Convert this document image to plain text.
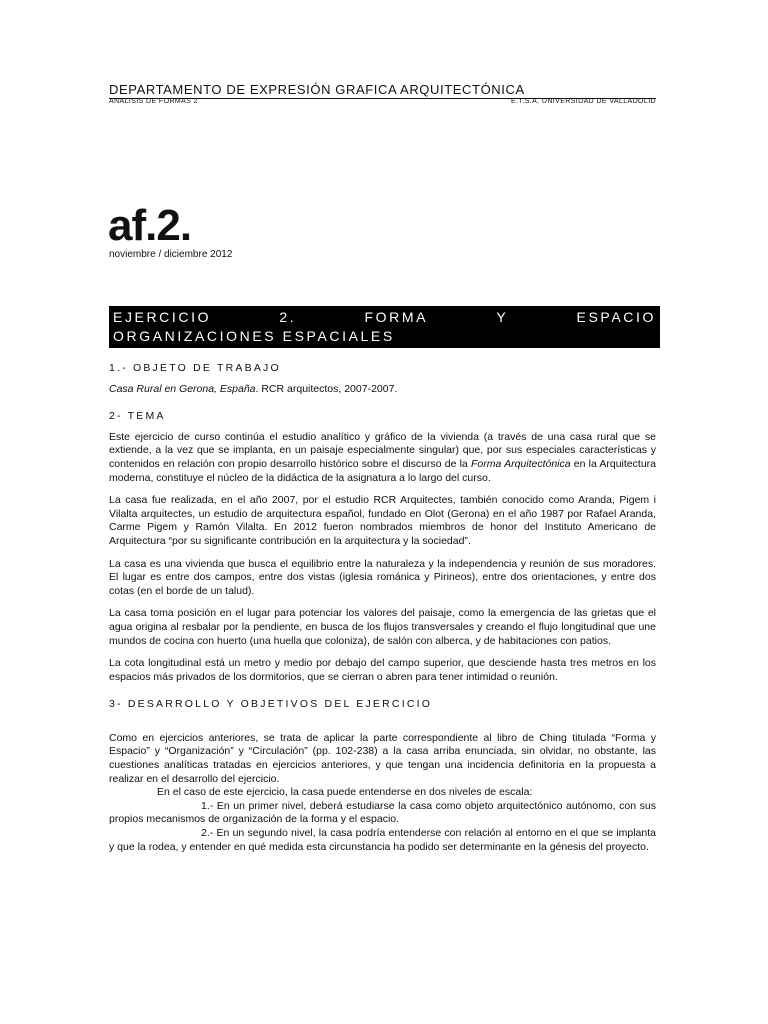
DEPARTAMENTO DE EXPRESIÓN GRAFICA ARQUITECTÓNICA
ANALISIS DE FORMAS 2	E.T.S.A. UNIVERSIDAD DE VALLADOLID
af.2.
noviembre / diciembre 2012
EJERCICIO	2.	FORMA	Y	ESPACIO
ORGANIZACIONES ESPACIALES

1.- OBJETO DE TRABAJO

Casa Rural en Gerona, España. RCR arquitectos, 2007-2007.

2- TEMA

Este ejercicio de curso continúa el estudio analítico y gráfico de la vivienda (a través de una casa rural que se extiende, a la vez que se implanta, en un paisaje especialmente singular) que, por sus especiales características y contenidos en relación con propio desarrollo histórico sobre el discurso de la Forma Arquitectónica en la Arquitectura moderna, constituye el núcleo de la didáctica de la asignatura a lo largo del curso.

La casa fue realizada, en el año 2007, por el estudio RCR Arquitectes, también conocido como Aranda, Pigem i Vilalta arquitectes, un estudio de arquitectura español, fundado en Olot (Gerona) en el año 1987 por Rafael Aranda, Carme Pigem y Ramón Vilalta. En 2012 fueron nombrados miembros de honor del Instituto Americano de Arquitectura “por su significante contribución en la arquitectura y la sociedad”.

La casa es una vivienda que busca el equilibrio entre la naturaleza y la independencia y reunión de sus moradores. El lugar es entre dos campos, entre dos vistas (iglesia románica y Pirineos), entre dos orientaciones, y entre dos cotas (en el borde de un talud).

La casa toma posición en el lugar para potenciar los valores del paisaje, como la emergencia de las grietas que el agua origina al resbalar por la pendiente, en busca de los flujos transversales y creando el flujo longitudinal que une mundos de cocina con huerto (una huella que coloniza), de salón con alberca, y de habitaciones con patios.

La cota longitudinal está un metro y medio por debajo del campo superior, que desciende hasta tres metros en los espacios más privados de los dormitorios, que se cierran o abren para tener intimidad o reunión.

3- DESARROLLO Y OBJETIVOS DEL EJERCICIO

Como en ejercicios anteriores, se trata de aplicar la parte correspondiente al libro de Ching titulada “Forma y Espacio” y “Organización” y “Circulación” (pp. 102-238) a la casa arriba enunciada, sin olvidar, no obstante, las cuestiones analíticas tratadas en ejercicios anteriores, y que tengan una incidencia definitoria en la propuesta a realizar en el desarrollo del ejercicio.

En el caso de este ejercicio, la casa puede entenderse en dos niveles de escala:

1.- En un primer nivel, deberá estudiarse la casa como objeto arquitectónico autónomo, con sus propios mecanismos de organización de la forma y el espacio.

2.- En un segundo nivel, la casa podría entenderse con relación al entorno en el que se implanta y que la rodea, y entender en qué medida esta circunstancia ha podido ser determinante en la génesis del proyecto.
